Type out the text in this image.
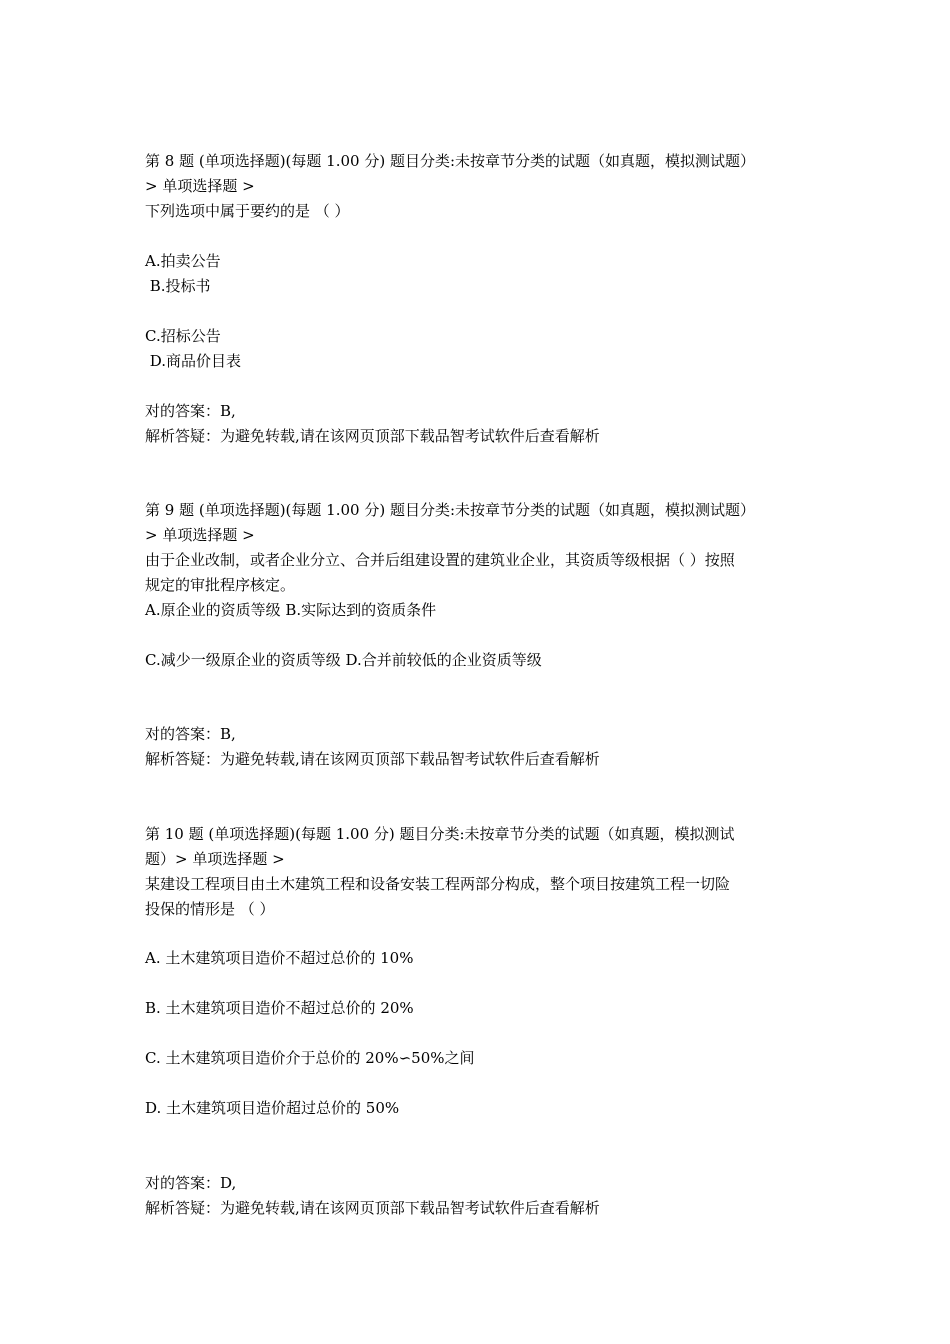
第 8 题 (单项选择题)(每题 1.00 分) 题目分类:未按章节分类的试题（如真题，模拟测试题）
> 单项选择题 >
下列选项中属于要约的是 （ ）
A.拍卖公告
B.投标书
C.招标公告
D.商品价目表
对的答案：B,
解析答疑：为避免转载,请在该网页顶部下载品智考试软件后查看解析
第 9 题 (单项选择题)(每题 1.00 分) 题目分类:未按章节分类的试题（如真题，模拟测试题）
> 单项选择题 >
由于企业改制，或者企业分立、合并后组建设置的建筑业企业，其资质等级根据（ ）按照
规定的审批程序核定。
A.原企业的资质等级 B.实际达到的资质条件
C.减少一级原企业的资质等级 D.合并前较低的企业资质等级
对的答案：B,
解析答疑：为避免转载,请在该网页顶部下载品智考试软件后查看解析
第 10 题 (单项选择题)(每题 1.00 分) 题目分类:未按章节分类的试题（如真题，模拟测试
题）> 单项选择题 >
某建设工程项目由土木建筑工程和设备安装工程两部分构成，整个项目按建筑工程一切险
投保的情形是 （ ）
A. 土木建筑项目造价不超过总价的 10%
B. 土木建筑项目造价不超过总价的 20%
C. 土木建筑项目造价介于总价的 20%∽50%之间
D. 土木建筑项目造价超过总价的 50%
对的答案：D,
解析答疑：为避免转载,请在该网页顶部下载品智考试软件后查看解析
